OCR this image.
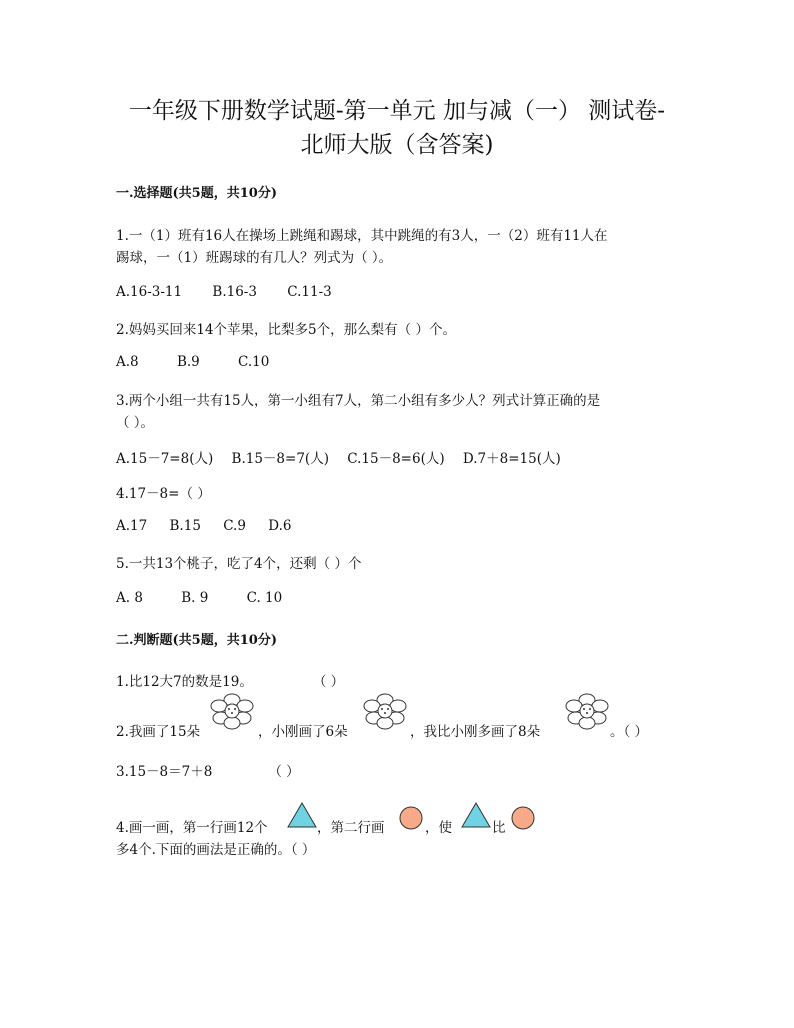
一年级下册数学试题-第一单元 加与减（一） 测试卷-
北师大版（含答案)
一.选择题(共5题，共10分)
1.一（1）班有16人在操场上跳绳和踢球，其中跳绳的有3人，一（2）班有11人在
踢球，一（1）班踢球的有几人？列式为（ ）。
A.16-3-11 B.16-3 C.11-3
2.妈妈买回来14个苹果，比梨多5个，那么梨有（ ）个。
A.8	B.9	C.10
3.两个小组一共有15人，第一小组有7人，第二小组有多少人？列式计算正确的是
（ ）。
A.15－7=8(人) B.15－8=7(人) C.15－8=6(人) D.7＋8=15(人)
4.17－8=（ ）
A.17 B.15 C.9 D.6
5.一共13个桃子，吃了4个，还剩（ ）个
A. 8	B. 9	C. 10
二.判断题(共5题，共10分)
1.比12大7的数是19。	（ ）
2.我画了15朵	，小刚画了6朵	，我比小刚多画了8朵	。（ ）
3.15－8＝7＋8	（ ）
4.画一画，第一行画12个	，第二行画	，使	比
多4个.下面的画法是正确的。（ ）
